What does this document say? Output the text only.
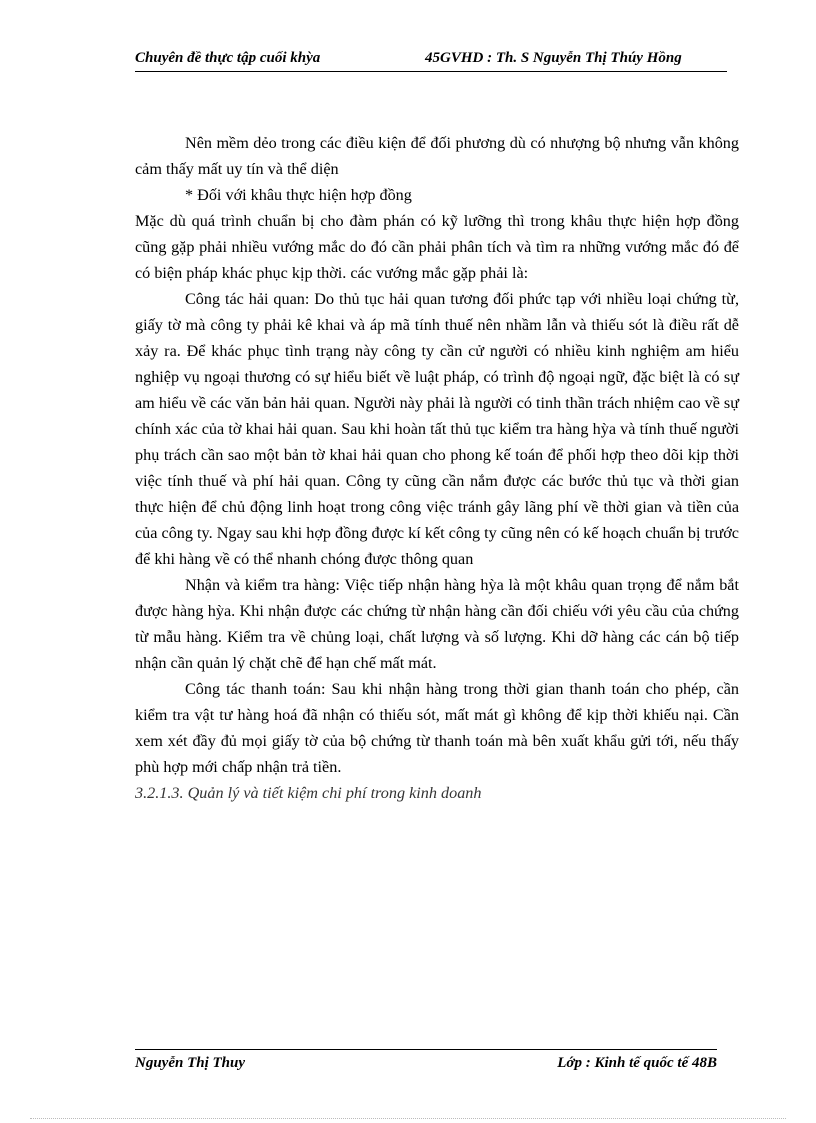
Chuyên đề thực tập cuối khỳa	45GVHD : Th. S Nguyễn Thị Thúy Hồng

Nên mềm dẻo trong các điều kiện để đối phương dù có nhượng bộ nhưng vẫn không cảm thấy mất uy tín và thể diện

* Đối với khâu thực hiện hợp đồng

Mặc dù quá trình chuẩn bị cho đàm phán có kỹ lưỡng thì trong khâu thực hiện hợp đồng cũng gặp phải nhiều vướng mắc do đó cần phải phân tích và tìm ra những vướng mắc đó để có biện pháp khác phục kịp thời. các vướng mắc gặp phải là:

Công tác hải quan: Do thủ tục hải quan tương đối phức tạp với nhiều loại chứng từ, giấy tờ mà công ty phải kê khai và áp mã tính thuế nên nhầm lẫn và thiếu sót là điều rất dễ xảy ra. Để khác phục tình trạng này công ty cần cử người có nhiều kinh nghiệm am hiểu nghiệp vụ ngoại thương có sự hiểu biết về luật pháp, có trình độ ngoại ngữ, đặc biệt là có sự am hiểu về các văn bản hải quan. Người này phải là người có tinh thần trách nhiệm cao về sự chính xác của tờ khai hải quan. Sau khi hoàn tất thủ tục kiểm tra hàng hỳa và tính thuế người phụ trách cần sao một bản tờ khai hải quan cho phong kế toán để phối hợp theo dõi kịp thời việc tính thuế và phí hải quan. Công ty cũng cần nắm được các bước thủ tục và thời gian thực hiện để chủ động linh hoạt trong công việc tránh gây lãng phí về thời gian và tiền của của công ty. Ngay sau khi hợp đồng được kí kết công ty cũng nên có kế hoạch chuẩn bị trước để khi hàng về có thể nhanh chóng được thông quan

Nhận và kiểm tra hàng: Việc tiếp nhận hàng hỳa là một khâu quan trọng để nắm bắt được hàng hỳa. Khi nhận được các chứng từ nhận hàng cần đối chiếu với yêu cầu của chứng từ mẫu hàng. Kiểm tra về chủng loại, chất lượng và số lượng. Khi dỡ hàng các cán bộ tiếp nhận cần quản lý chặt chẽ để hạn chế mất mát.

Công tác thanh toán: Sau khi nhận hàng trong thời gian thanh toán cho phép, cần kiểm tra vật tư hàng hoá đã nhận có thiếu sót, mất mát gì không để kịp thời khiếu nại. Cần xem xét đầy đủ mọi giấy tờ của bộ chứng từ thanh toán mà bên xuất khẩu gửi tới, nếu thấy phù hợp mới chấp nhận trả tiền.

3.2.1.3. Quản lý và tiết kiệm chi phí trong kinh doanh

Nguyễn Thị Thuy	Lớp : Kinh tế quốc tế 48B
